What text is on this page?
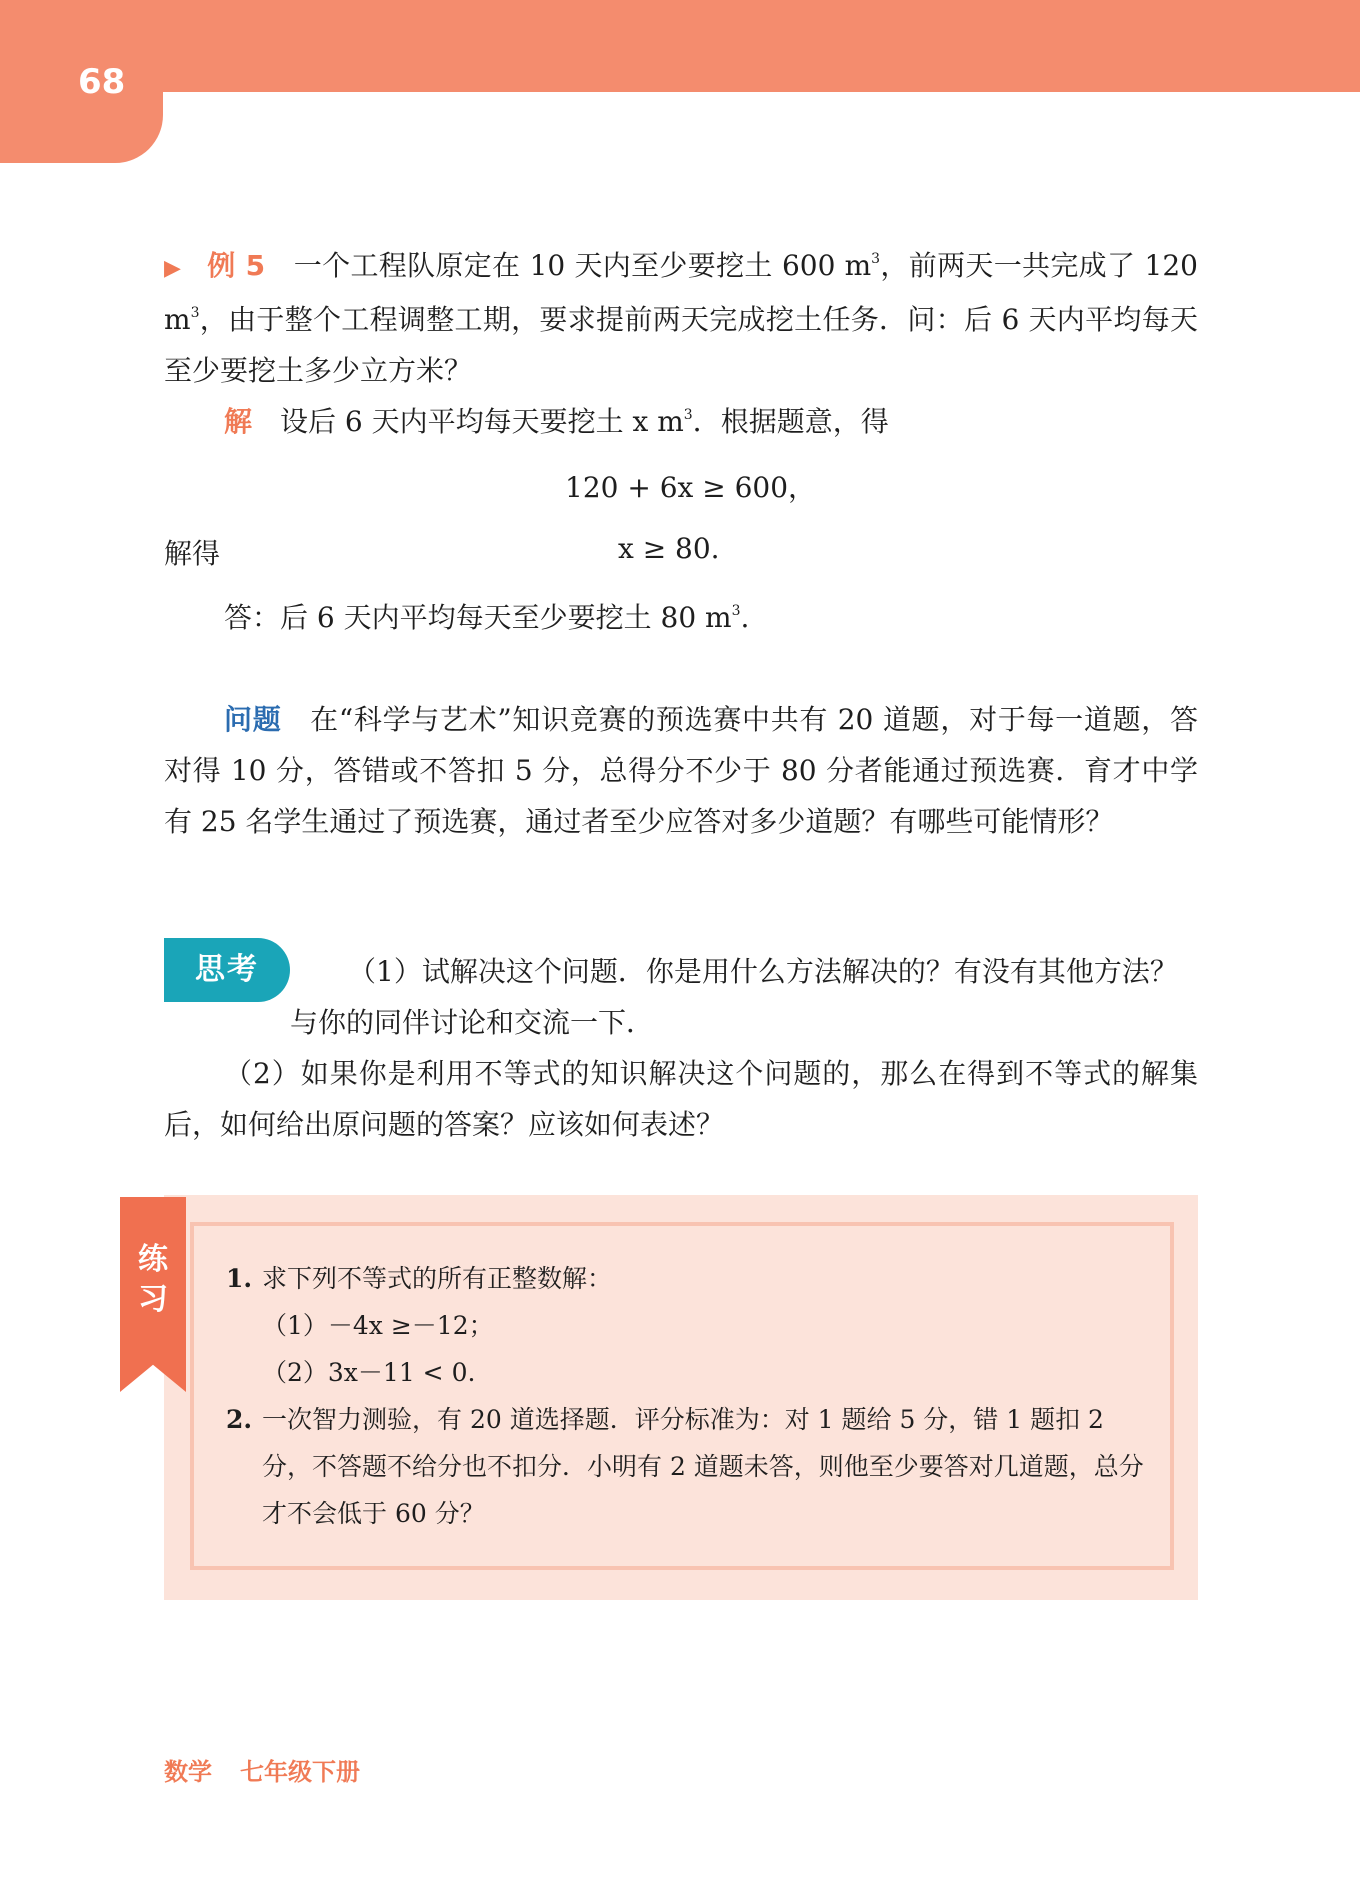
68

▶ 例 5　 一个工程队原定在 10 天内至少要挖土 600 $m^3$，前两天一共完成了 120 $m^3$，由于整个工程调整工期，要求提前两天完成挖土任务．问：后 6 天内平均每天至少要挖土多少立方米？

解　 设后 6 天内平均每天要挖土 x $m^3$．根据题意，得

120 + 6x ≥ 600，
解得	x ≥ 80.

答：后 6 天内平均每天至少要挖土 80 $m^3$.

问题　 在“科学与艺术”知识竞赛的预选赛中共有 20 道题，对于每一道题，答对得 10 分，答错或不答扣 5 分，总得分不少于 80 分者能通过预选赛．育才中学有 25 名学生通过了预选赛，通过者至少应答对多少道题？有哪些可能情形？

思考	（1）试解决这个问题．你是用什么方法解决的？有没有其他方法？

与你的同伴讨论和交流一下．

（2）如果你是利用不等式的知识解决这个问题的，那么在得到不等式的解集后，如何给出原问题的答案？应该如何表述？

练
习

1. 求下列不等式的所有正整数解：

（1）－4x ≥－12；

（2）3x－11 < 0.

2. 一次智力测验，有 20 道选择题．评分标准为：对 1 题给 5 分，错 1 题扣 2 分，不答题不给分也不扣分．小明有 2 道题未答，则他至少要答对几道题，总分才不会低于 60 分？

数学 七年级下册
